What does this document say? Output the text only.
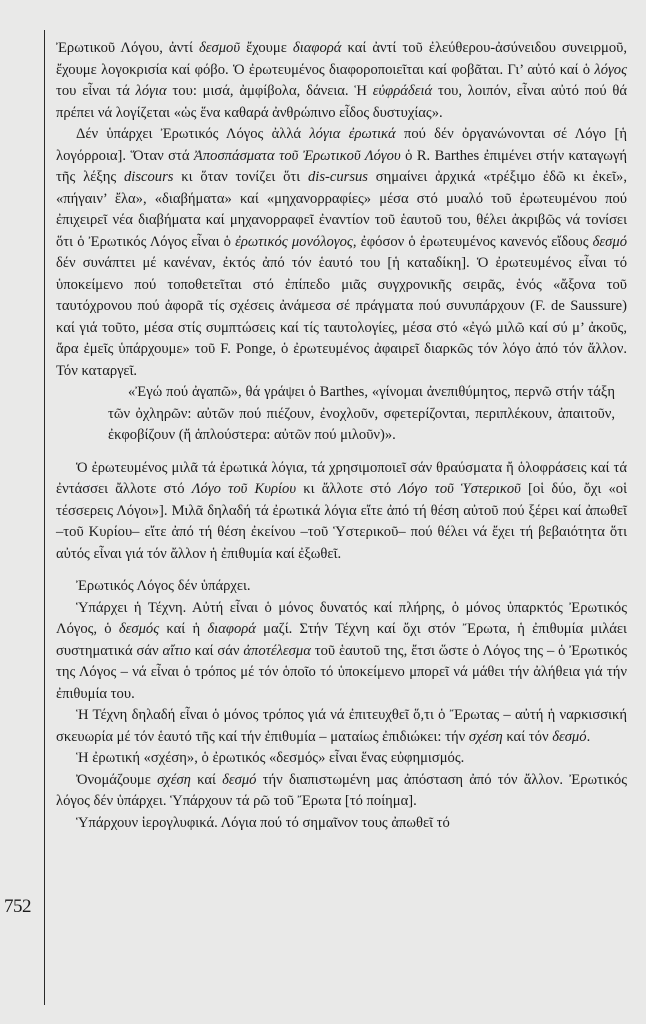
752

Ἐρωτικοῦ Λόγου, ἀντί δεσμοῦ ἔχουμε διαφορά καί ἀντί τοῦ ἐλεύθερου-ἀσύνειδου συνειρμοῦ, ἔχουμε λογοκρισία καί φόβο. Ὁ ἐρωτευμένος διαφοροποιεῖται καί φοβᾶται. Γι’ αὐτό καί ὁ λόγος του εἶναι τά λόγια του: μισά, ἀμφίβολα, δάνεια. Ἡ εὐφράδειά του, λοιπόν, εἶναι αὐτό πού θά πρέπει νά λογίζεται «ὡς ἕνα καθαρά ἀνθρώπινο εἶδος δυστυχίας».

Δέν ὑπάρχει Ἐρωτικός Λόγος ἀλλά λόγια ἐρωτικά πού δέν ὀργανώνονται σέ Λόγο [ἡ λογόρροια]. Ὅταν στά Ἀποσπάσματα τοῦ Ἐρωτικοῦ Λόγου ὁ R. Barthes ἐπιμένει στήν καταγωγή τῆς λέξης discours κι ὅταν τονίζει ὅτι dis-cursus σημαίνει ἀρχικά «τρέξιμο ἐδῶ κι ἐκεῖ», «πήγαιν’ ἔλα», «διαβήματα» καί «μηχανορραφίες» μέσα στό μυαλό τοῦ ἐρωτευμένου πού ἐπιχειρεῖ νέα διαβήματα καί μηχανορραφεῖ ἐναντίον τοῦ ἑαυτοῦ του, θέλει ἀκριβῶς νά τονίσει ὅτι ὁ Ἐρωτικός Λόγος εἶναι ὁ ἐρωτικός μονόλογος, ἐφόσον ὁ ἐρωτευμένος κανενός εἴδους δεσμό δέν συνάπτει μέ κανέναν, ἐκτός ἀπό τόν ἑαυτό του [ἡ καταδίκη]. Ὁ ἐρωτευμένος εἶναι τό ὑποκείμενο πού τοποθετεῖται στό ἐπίπεδο μιᾶς συγχρονικῆς σειρᾶς, ἑνός «ἄξονα τοῦ ταυτόχρονου πού ἀφορᾶ τίς σχέσεις ἀνάμεσα σέ πράγματα πού συνυπάρχουν (F. de Saussure) καί γιά τοῦτο, μέσα στίς συμπτώσεις καί τίς ταυτολογίες, μέσα στό «ἐγώ μιλῶ καί σύ μ’ ἀκοῦς, ἄρα ἐμεῖς ὑπάρχουμε» τοῦ F. Ponge, ὁ ἐρωτευμένος ἀφαιρεῖ διαρκῶς τόν λόγο ἀπό τόν ἄλλον. Τόν καταργεῖ.

«Ἐγώ πού ἀγαπῶ», θά γράψει ὁ Barthes, «γίνομαι ἀνεπιθύμητος, περνῶ στήν τάξη τῶν ὀχληρῶν: αὐτῶν πού πιέζουν, ἐνοχλοῦν, σφετερίζονται, περιπλέκουν, ἀπαιτοῦν, ἐκφοβίζουν (ἤ ἁπλούστερα: αὐτῶν πού μιλοῦν)».

Ὁ ἐρωτευμένος μιλᾶ τά ἐρωτικά λόγια, τά χρησιμοποιεῖ σάν θραύσματα ἤ ὁλοφράσεις καί τά ἐντάσσει ἄλλοτε στό Λόγο τοῦ Κυρίου κι ἄλλοτε στό Λόγο τοῦ Ὑστερικοῦ [οἱ δύο, ὄχι «οἱ τέσσερεις Λόγοι»]. Μιλᾶ δηλαδή τά ἐρωτικά λόγια εἴτε ἀπό τή θέση αὐτοῦ πού ξέρει καί ἀπωθεῖ –τοῦ Κυρίου– εἴτε ἀπό τή θέση ἐκείνου –τοῦ Ὑστερικοῦ– πού θέλει νά ἔχει τή βεβαιότητα ὅτι αὐτός εἶναι γιά τόν ἄλλον ἡ ἐπιθυμία καί ἐξωθεῖ.

Ἐρωτικός Λόγος δέν ὑπάρχει.

Ὑπάρχει ἡ Τέχνη. Αὐτή εἶναι ὁ μόνος δυνατός καί πλήρης, ὁ μόνος ὑπαρκτός Ἐρωτικός Λόγος, ὁ δεσμός καί ἡ διαφορά μαζί. Στήν Τέχνη καί ὄχι στόν Ἔρωτα, ἡ ἐπιθυμία μιλάει συστηματικά σάν αἴτιο καί σάν ἀποτέλεσμα τοῦ ἑαυτοῦ της, ἔτσι ὥστε ὁ Λόγος της – ὁ Ἐρωτικός της Λόγος – νά εἶναι ὁ τρόπος μέ τόν ὁποῖο τό ὑποκείμενο μπορεῖ νά μάθει τήν ἀλήθεια γιά τήν ἐπιθυμία του.

Ἡ Τέχνη δηλαδή εἶναι ὁ μόνος τρόπος γιά νά ἐπιτευχθεῖ ὅ,τι ὁ Ἔρωτας – αὐτή ἡ ναρκισσική σκευωρία μέ τόν ἑαυτό τῆς καί τήν ἐπιθυμία – ματαίως ἐπιδιώκει: τήν σχέση καί τόν δεσμό.

Ἡ ἐρωτική «σχέση», ὁ ἐρωτικός «δεσμός» εἶναι ἕνας εὐφημισμός.

Ὀνομάζουμε σχέση καί δεσμό τήν διαπιστωμένη μας ἀπόσταση ἀπό τόν ἄλλον. Ἐρωτικός λόγος δέν ὑπάρχει. Ὑπάρχουν τά ρῶ τοῦ Ἔρωτα [τό ποίημα].

Ὑπάρχουν ἱερογλυφικά. Λόγια πού τό σημαῖνον τους ἀπωθεῖ τό
